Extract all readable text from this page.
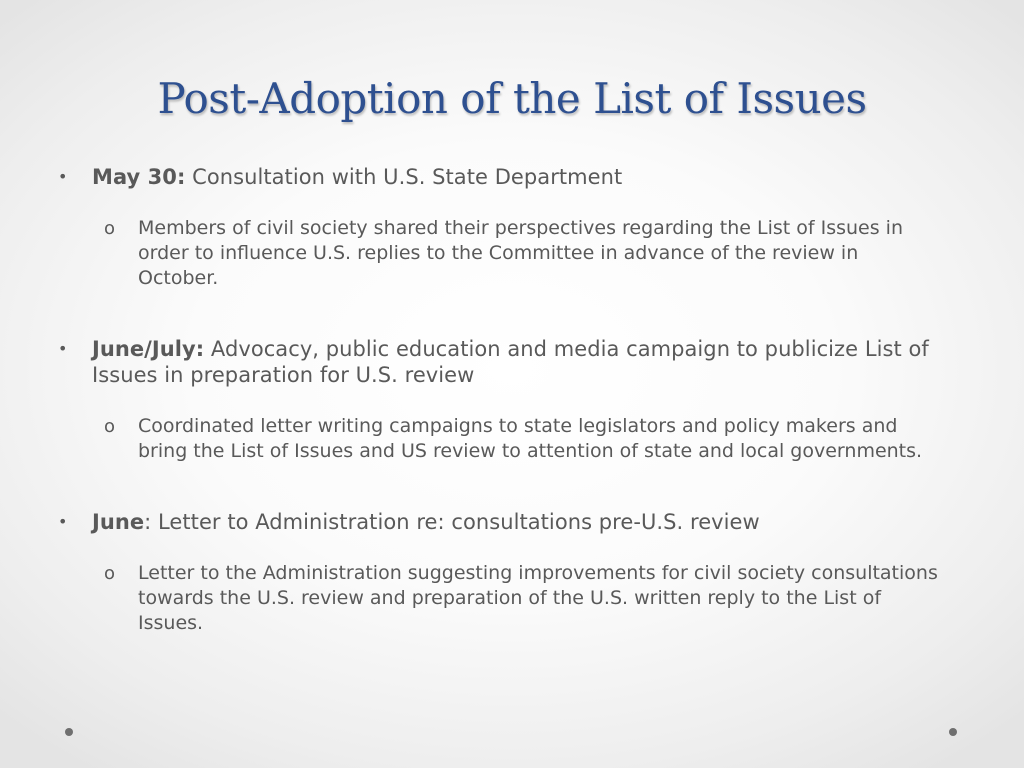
Post-Adoption of the List of Issues
• May 30: Consultation with U.S. State Department
o Members of civil society shared their perspectives regarding the List of Issues in order to influence U.S. replies to the Committee in advance of the review in October.
• June/July: Advocacy, public education and media campaign to publicize List of Issues in preparation for U.S. review
o Coordinated letter writing campaigns to state legislators and policy makers and bring the List of Issues and US review to attention of state and local governments.
• June: Letter to Administration re: consultations pre-U.S. review
o Letter to the Administration suggesting improvements for civil society consultations towards the U.S. review and preparation of the U.S. written reply to the List of Issues.
